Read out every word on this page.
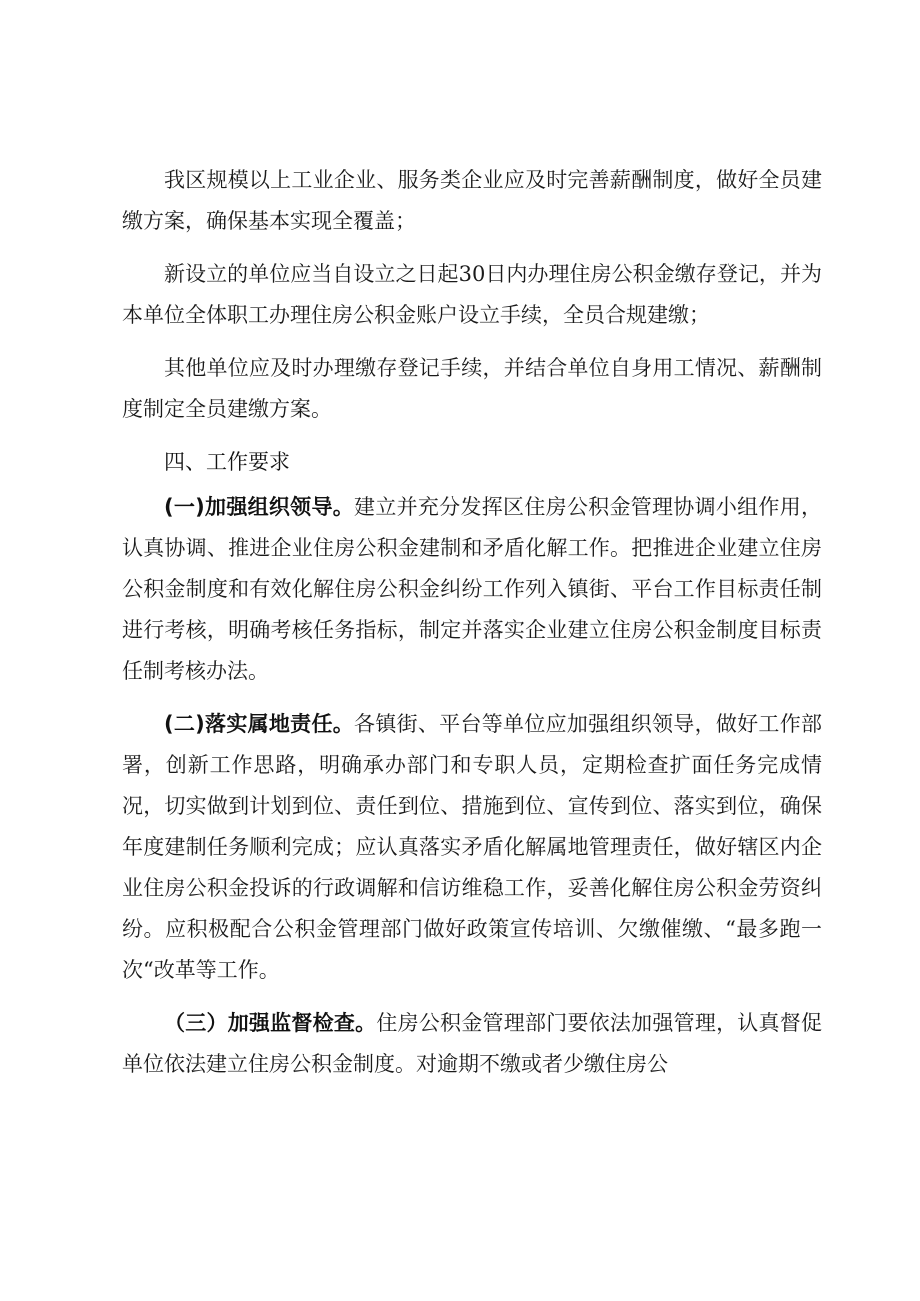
我区规模以上工业企业、服务类企业应及时完善薪酬制度，做好全员建缴方案，确保基本实现全覆盖；

新设立的单位应当自设立之日起30日内办理住房公积金缴存登记，并为本单位全体职工办理住房公积金账户设立手续，全员合规建缴；

其他单位应及时办理缴存登记手续，并结合单位自身用工情况、薪酬制度制定全员建缴方案。

四、工作要求

(一)加强组织领导。建立并充分发挥区住房公积金管理协调小组作用，认真协调、推进企业住房公积金建制和矛盾化解工作。把推进企业建立住房公积金制度和有效化解住房公积金纠纷工作列入镇街、平台工作目标责任制进行考核，明确考核任务指标，制定并落实企业建立住房公积金制度目标责任制考核办法。

(二)落实属地责任。各镇街、平台等单位应加强组织领导，做好工作部署，创新工作思路，明确承办部门和专职人员，定期检查扩面任务完成情况，切实做到计划到位、责任到位、措施到位、宣传到位、落实到位，确保年度建制任务顺利完成；应认真落实矛盾化解属地管理责任，做好辖区内企业住房公积金投诉的行政调解和信访维稳工作，妥善化解住房公积金劳资纠纷。应积极配合公积金管理部门做好政策宣传培训、欠缴催缴、“最多跑一次“改革等工作。

（三）加强监督检查。住房公积金管理部门要依法加强管理，认真督促单位依法建立住房公积金制度。对逾期不缴或者少缴住房公
